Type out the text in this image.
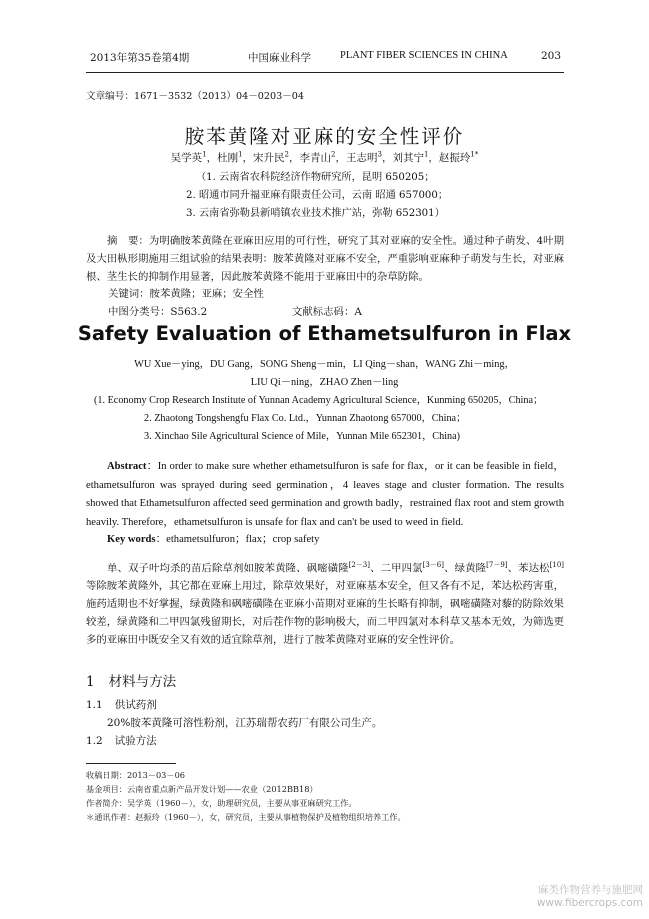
2013年第35卷第4期	中国麻业科学	PLANT FIBER SCIENCES IN CHINA	203
文章编号：1671－3532（2013）04－0203－04
胺苯黄隆对亚麻的安全性评价
吴学英$^1$，杜刚$^1$，宋升民$^2$，李青山$^2$，王志明$^3$，刘其宁$^1$，赵振玲$^{1*}$
（1. 云南省农科院经济作物研究所，昆明 650205；
2. 昭通市同升福亚麻有限责任公司，云南 昭通 657000；
3. 云南省弥勒县新哨镇农业技术推广站，弥勒 652301）

摘　要：为明确胺苯黄隆在亚麻田应用的可行性，研究了其对亚麻的安全性。通过种子萌发、4叶期及大田枞形期施用三组试验的结果表明：胺苯黄隆对亚麻不安全，严重影响亚麻种子萌发与生长，对亚麻根、茎生长的抑制作用显著，因此胺苯黄隆不能用于亚麻田中的杂草防除。

关键词：胺苯黄隆；亚麻；安全性
中图分类号：S563.2	文献标志码：A
Safety Evaluation of Ethametsulfuron in Flax
WU Xue－ying，DU Gang，SONG Sheng－min，LI Qing－shan，WANG Zhi－ming，
LIU Qi－ning，ZHAO Zhen－ling
(1. Economy Crop Research Institute of Yunnan Academy Agricultural Science，Kunming 650205，China；
2. Zhaotong Tongshengfu Flax Co. Ltd.，Yunnan Zhaotong 657000，China；
3. Xinchao Sile Agricultural Science of Mile，Yunnan Mile 652301，China)

Abstract：In order to make sure whether ethametsulfuron is safe for flax，or it can be feasible in field，ethametsulfuron was sprayed during seed germination，4 leaves stage and cluster formation. The results showed that Ethametsulfuron affected seed germination and growth badly，restrained flax root and stem growth heavily. Therefore，ethametsulfuron is unsafe for flax and can't be used to weed in field.

Key words：ethametsulfuron；flax；crop safety

单、双子叶均杀的苗后除草剂如胺苯黄隆、砜嘧磺隆[2－3]、二甲四氯[3－6]、绿黄隆[7－9]、苯达松[10]等除胺苯黄隆外，其它都在亚麻上用过，除草效果好，对亚麻基本安全，但又各有不足，苯达松药害重，施药适期也不好掌握，绿黄隆和砜嘧磺隆在亚麻小苗期对亚麻的生长略有抑制，砜嘧磺隆对藜的防除效果较差，绿黄隆和二甲四氯残留期长，对后茬作物的影响极大，而二甲四氯对本科草又基本无效，为筛选更多的亚麻田中既安全又有效的适宜除草剂，进行了胺苯黄隆对亚麻的安全性评价。

1 材料与方法
1.1 供试药剂
20%胺苯黄隆可溶性粉剂，江苏瑞帮农药厂有限公司生产。
1.2 试验方法
收稿日期：2013－03－06
基金项目：云南省重点新产品开发计划——农业（2012BB18）
作者简介：吴学英（1960－），女，助理研究员，主要从事亚麻研究工作。
＊通讯作者：赵振玲（1960－），女，研究员，主要从事植物保护及植物组织培养工作。
麻类作物营养与施肥网
www.fibercrops.com
